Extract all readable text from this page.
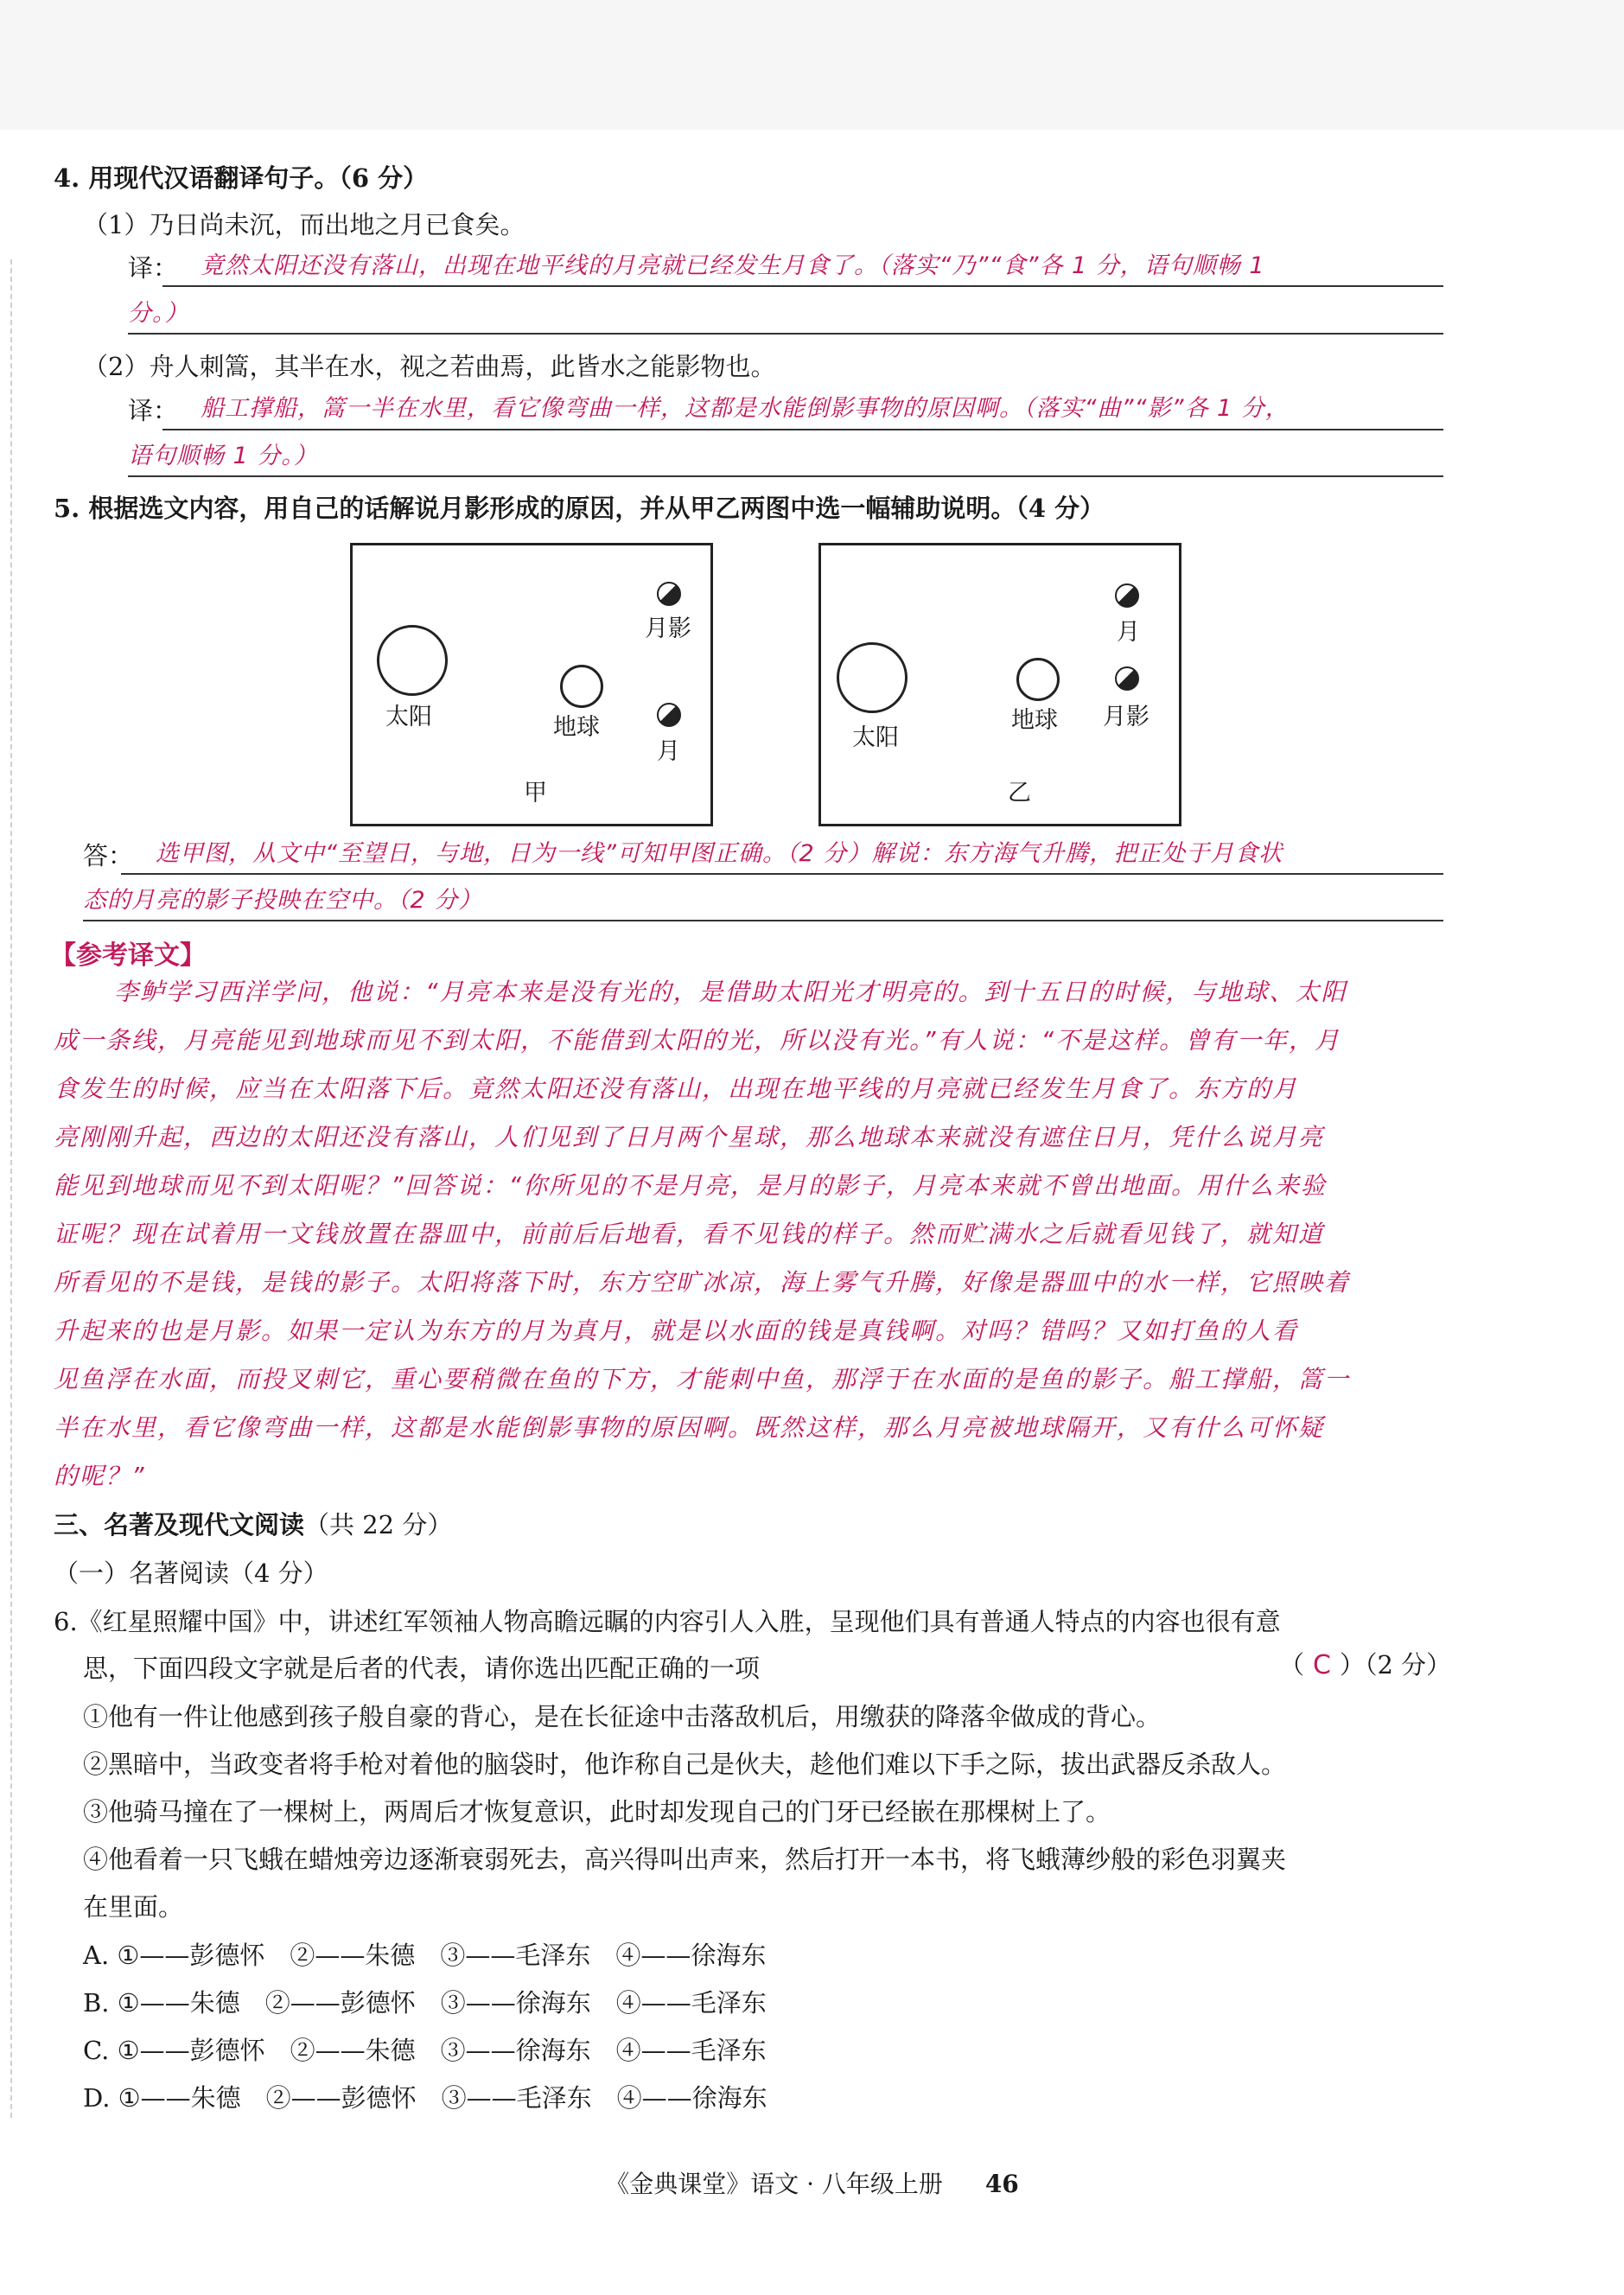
4. 用现代汉语翻译句子。（6 分）
（1）乃日尚未沉，而出地之月已食矣。
译： 竟然太阳还没有落山，出现在地平线的月亮就已经发生月食了。（落实“乃”“食”各 1 分，语句顺畅 1
分。）
（2）舟人刺篙，其半在水，视之若曲焉，此皆水之能影物也。
译： 船工撑船，篙一半在水里，看它像弯曲一样，这都是水能倒影事物的原因啊。（落实“曲”“影”各 1 分，
语句顺畅 1 分。）
5. 根据选文内容，用自己的话解说月影形成的原因，并从甲乙两图中选一幅辅助说明。（4 分）
太阳	地球
月影
月
甲
太阳
地球
月
月影
乙
答： 选甲图，从文中“至望日，与地，日为一线”可知甲图正确。（2 分）解说：东方海气升腾，把正处于月食状
态的月亮的影子投映在空中。（2 分）
【参考译文】
李鲈学习西洋学问，他说：“月亮本来是没有光的，是借助太阳光才明亮的。到十五日的时候，与地球、太阳
成一条线，月亮能见到地球而见不到太阳，不能借到太阳的光，所以没有光。”有人说：“不是这样。曾有一年，月
食发生的时候，应当在太阳落下后。竟然太阳还没有落山，出现在地平线的月亮就已经发生月食了。东方的月
亮刚刚升起，西边的太阳还没有落山，人们见到了日月两个星球，那么地球本来就没有遮住日月，凭什么说月亮
能见到地球而见不到太阳呢？”回答说：“你所见的不是月亮，是月的影子，月亮本来就不曾出地面。用什么来验
证呢？现在试着用一文钱放置在器皿中，前前后后地看，看不见钱的样子。然而贮满水之后就看见钱了，就知道
所看见的不是钱，是钱的影子。太阳将落下时，东方空旷冰凉，海上雾气升腾，好像是器皿中的水一样，它照映着
升起来的也是月影。如果一定认为东方的月为真月，就是以水面的钱是真钱啊。对吗？错吗？又如打鱼的人看
见鱼浮在水面，而投叉刺它，重心要稍微在鱼的下方，才能刺中鱼，那浮于在水面的是鱼的影子。船工撑船，篙一
半在水里，看它像弯曲一样，这都是水能倒影事物的原因啊。既然这样，那么月亮被地球隔开，又有什么可怀疑
的呢？”
三、名著及现代文阅读（共 22 分）
（一）名著阅读（4 分）
6.《红星照耀中国》中，讲述红军领袖人物高瞻远瞩的内容引人入胜，呈现他们具有普通人特点的内容也很有意
思，下面四段文字就是后者的代表，请你选出匹配正确的一项	（ C ）（2 分）
①他有一件让他感到孩子般自豪的背心，是在长征途中击落敌机后，用缴获的降落伞做成的背心。
②黑暗中，当政变者将手枪对着他的脑袋时，他诈称自己是伙夫，趁他们难以下手之际，拔出武器反杀敌人。
③他骑马撞在了一棵树上，两周后才恢复意识，此时却发现自己的门牙已经嵌在那棵树上了。
④他看着一只飞蛾在蜡烛旁边逐渐衰弱死去，高兴得叫出声来，然后打开一本书，将飞蛾薄纱般的彩色羽翼夹
在里面。
A. ①——彭德怀　②——朱德　③——毛泽东　④——徐海东
B. ①——朱德　②——彭德怀　③——徐海东　④——毛泽东
C. ①——彭德怀　②——朱德　③——徐海东　④——毛泽东
D. ①——朱德　②——彭德怀　③——毛泽东　④——徐海东
《金典课堂》语文 · 八年级上册 46
